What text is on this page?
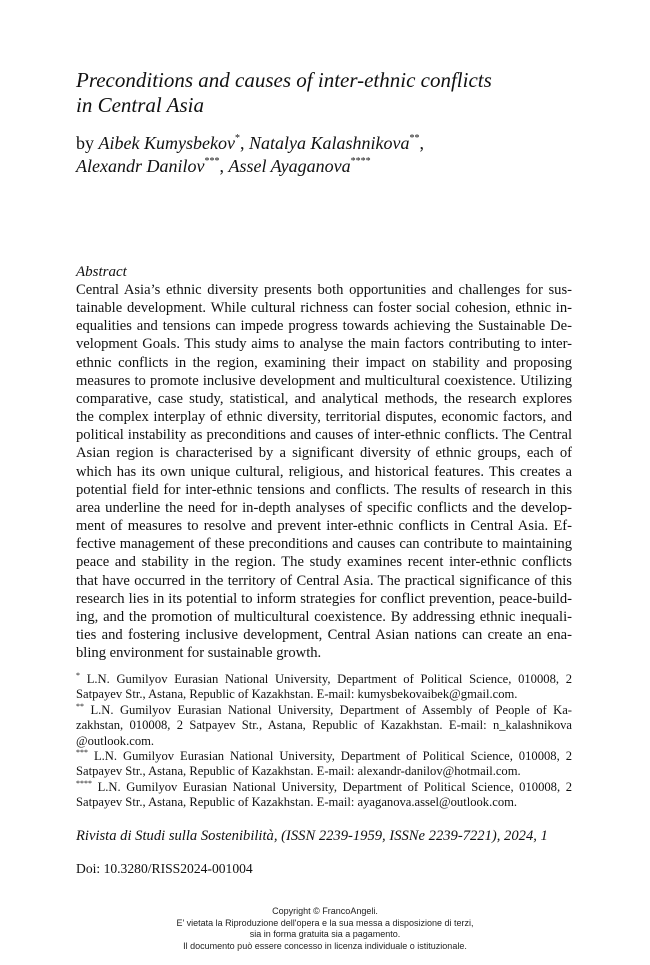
Preconditions and causes of inter-ethnic conflicts
in Central Asia
by Aibek Kumysbekov*, Natalya Kalashnikova**,
Alexandr Danilov***, Assel Ayaganova****
Abstract
Central Asia’s ethnic diversity presents both opportunities and challenges for sus-
tainable development. While cultural richness can foster social cohesion, ethnic in-
equalities and tensions can impede progress towards achieving the Sustainable De-
velopment Goals. This study aims to analyse the main factors contributing to inter-
ethnic conflicts in the region, examining their impact on stability and proposing
measures to promote inclusive development and multicultural coexistence. Utilizing
comparative, case study, statistical, and analytical methods, the research explores
the complex interplay of ethnic diversity, territorial disputes, economic factors, and
political instability as preconditions and causes of inter-ethnic conflicts. The Central
Asian region is characterised by a significant diversity of ethnic groups, each of
which has its own unique cultural, religious, and historical features. This creates a
potential field for inter-ethnic tensions and conflicts. The results of research in this
area underline the need for in-depth analyses of specific conflicts and the develop-
ment of measures to resolve and prevent inter-ethnic conflicts in Central Asia. Ef-
fective management of these preconditions and causes can contribute to maintaining
peace and stability in the region. The study examines recent inter-ethnic conflicts
that have occurred in the territory of Central Asia. The practical significance of this
research lies in its potential to inform strategies for conflict prevention, peace-build-
ing, and the promotion of multicultural coexistence. By addressing ethnic inequali-
ties and fostering inclusive development, Central Asian nations can create an ena-
bling environment for sustainable growth.
* L.N. Gumilyov Eurasian National University, Department of Political Science, 010008, 2
Satpayev Str., Astana, Republic of Kazakhstan. E-mail: kumysbekovaibek@gmail.com.
** L.N. Gumilyov Eurasian National University, Department of Assembly of People of Ka-
zakhstan, 010008, 2 Satpayev Str., Astana, Republic of Kazakhstan. E-mail: n_kalashnikova
@outlook.com.
*** L.N. Gumilyov Eurasian National University, Department of Political Science, 010008, 2
Satpayev Str., Astana, Republic of Kazakhstan. E-mail: alexandr-danilov@hotmail.com.
**** L.N. Gumilyov Eurasian National University, Department of Political Science, 010008, 2
Satpayev Str., Astana, Republic of Kazakhstan. E-mail: ayaganova.assel@outlook.com.
Rivista di Studi sulla Sostenibilità, (ISSN 2239-1959, ISSNe 2239-7221), 2024, 1
Doi: 10.3280/RISS2024-001004
Copyright © FrancoAngeli.
E' vietata la Riproduzione dell'opera e la sua messa a disposizione di terzi,
sia in forma gratuita sia a pagamento.
Il documento può essere concesso in licenza individuale o istituzionale.
